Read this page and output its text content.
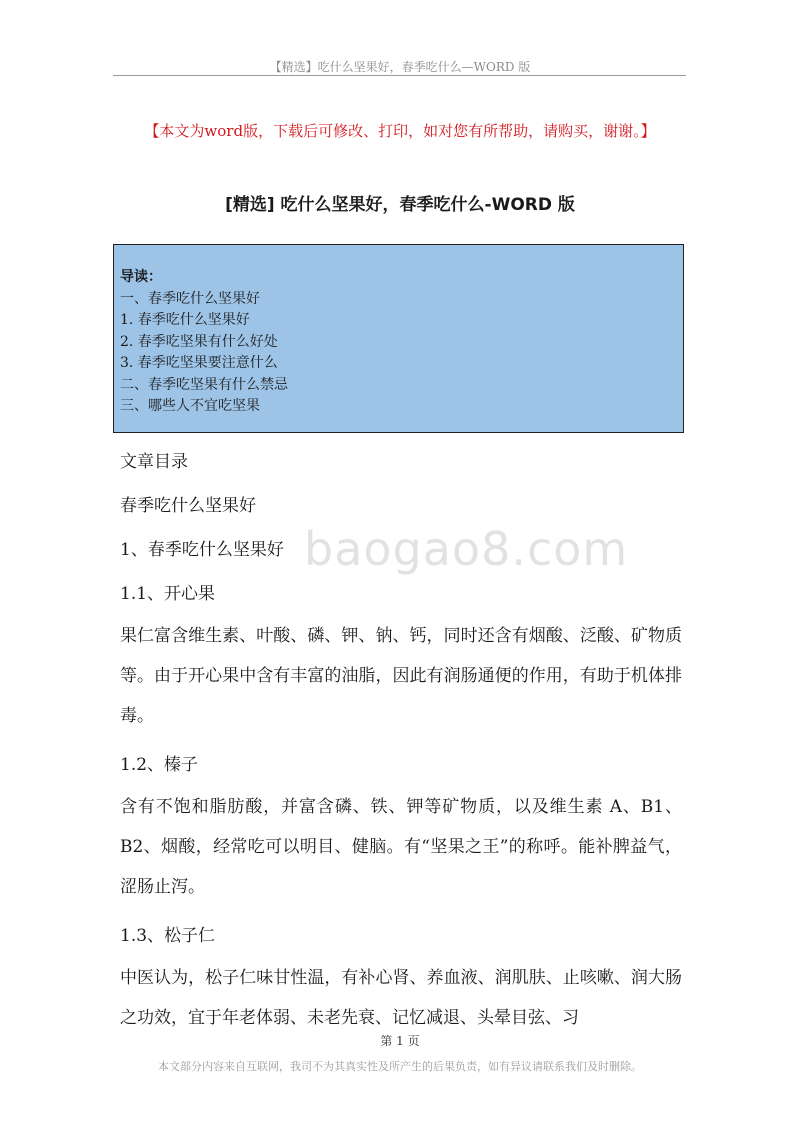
【精选】吃什么坚果好，春季吃什么—WORD 版
【本文为word版，下载后可修改、打印，如对您有所帮助，请购买，谢谢。】
[精选] 吃什么坚果好，春季吃什么-WORD 版
导读：
一、春季吃什么坚果好
1. 春季吃什么坚果好
2. 春季吃坚果有什么好处
3. 春季吃坚果要注意什么
二、春季吃坚果有什么禁忌
三、哪些人不宜吃坚果
文章目录
春季吃什么坚果好
1、春季吃什么坚果好
1.1、开心果

果仁富含维生素、叶酸、磷、钾、钠、钙，同时还含有烟酸、泛酸、矿物质等。由于开心果中含有丰富的油脂，因此有润肠通便的作用，有助于机体排毒。

1.2、榛子

含有不饱和脂肪酸，并富含磷、铁、钾等矿物质，以及维生素 A、B1、B2、烟酸，经常吃可以明目、健脑。有“坚果之王”的称呼。能补脾益气，涩肠止泻。

1.3、松子仁

中医认为，松子仁味甘性温，有补心肾、养血液、润肌肤、止咳嗽、润大肠之功效，宜于年老体弱、未老先衰、记忆减退、头晕目弦、习

baogao8.com
第 1 页
本文部分内容来自互联网，我司不为其真实性及所产生的后果负责，如有异议请联系我们及时删除。
